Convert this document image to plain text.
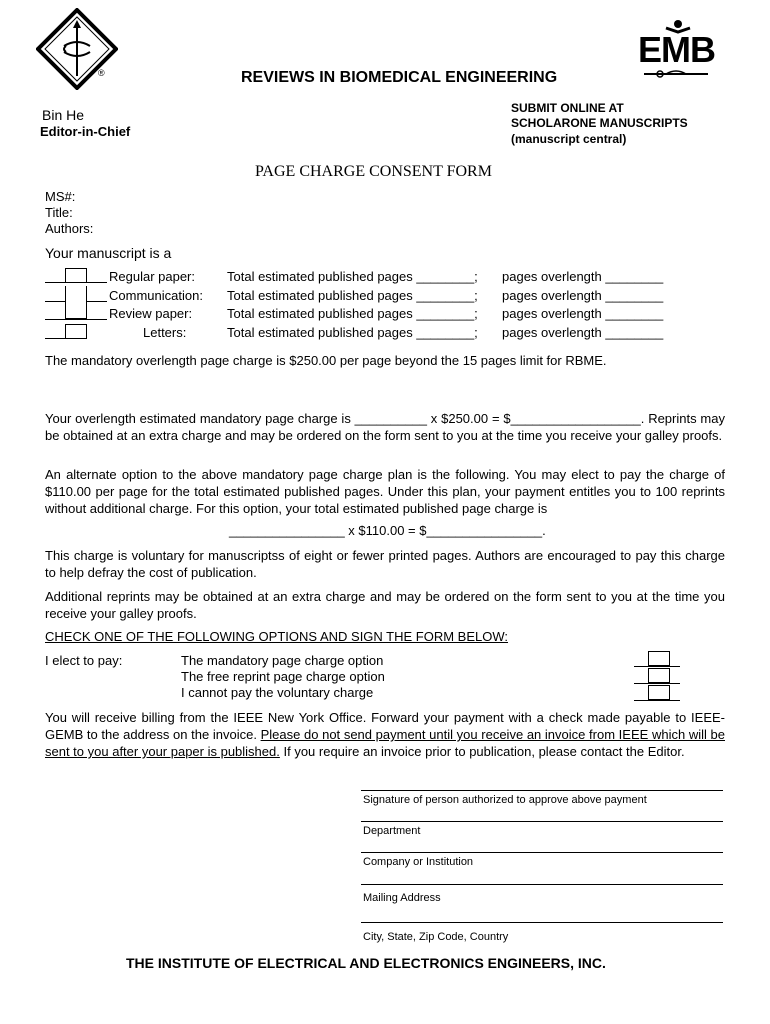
®
EMB
REVIEWS IN BIOMEDICAL ENGINEERING
Bin He
Editor-in-Chief
SUBMIT ONLINE AT
SCHOLARONE MANUSCRIPTS
(manuscript central)
PAGE CHARGE CONSENT FORM
MS#:
Title:
Authors:
Your manuscript is a
Regular paper: Total estimated published pages ________; pages overlength ________
Communication: Total estimated published pages ________; pages overlength ________
Review paper:	Total estimated published pages ________; pages overlength ________
Letters:	Total estimated published pages ________; pages overlength ________
The mandatory overlength page charge is $250.00 per page beyond the 15 pages limit for RBME.
Your overlength estimated mandatory page charge is __________ x $250.00 = $__________________. Reprints may be obtained at an extra charge and may be ordered on the form sent to you at the time you receive your galley proofs.
An alternate option to the above mandatory page charge plan is the following. You may elect to pay the charge of $110.00 per page for the total estimated published pages. Under this plan, your payment entitles you to 100 reprints without additional charge. For this option, your total estimated published page charge is
________________ x $110.00 = $________________.
This charge is voluntary for manuscriptss of eight or fewer printed pages. Authors are encouraged to pay this charge to help defray the cost of publication.
Additional reprints may be obtained at an extra charge and may be ordered on the form sent to you at the time you receive your galley proofs.
CHECK ONE OF THE FOLLOWING OPTIONS AND SIGN THE FORM BELOW:
I elect to pay:	The mandatory page charge option
The free reprint page charge option
I cannot pay the voluntary charge
You will receive billing from the IEEE New York Office. Forward your payment with a check made payable to IEEE-GEMB to the address on the invoice. Please do not send payment until you receive an invoice from IEEE which will be sent to you after your paper is published. If you require an invoice prior to publication, please contact the Editor.
Signature of person authorized to approve above payment
Department
Company or Institution
Mailing Address
City, State, Zip Code, Country
THE INSTITUTE OF ELECTRICAL AND ELECTRONICS ENGINEERS, INC.
